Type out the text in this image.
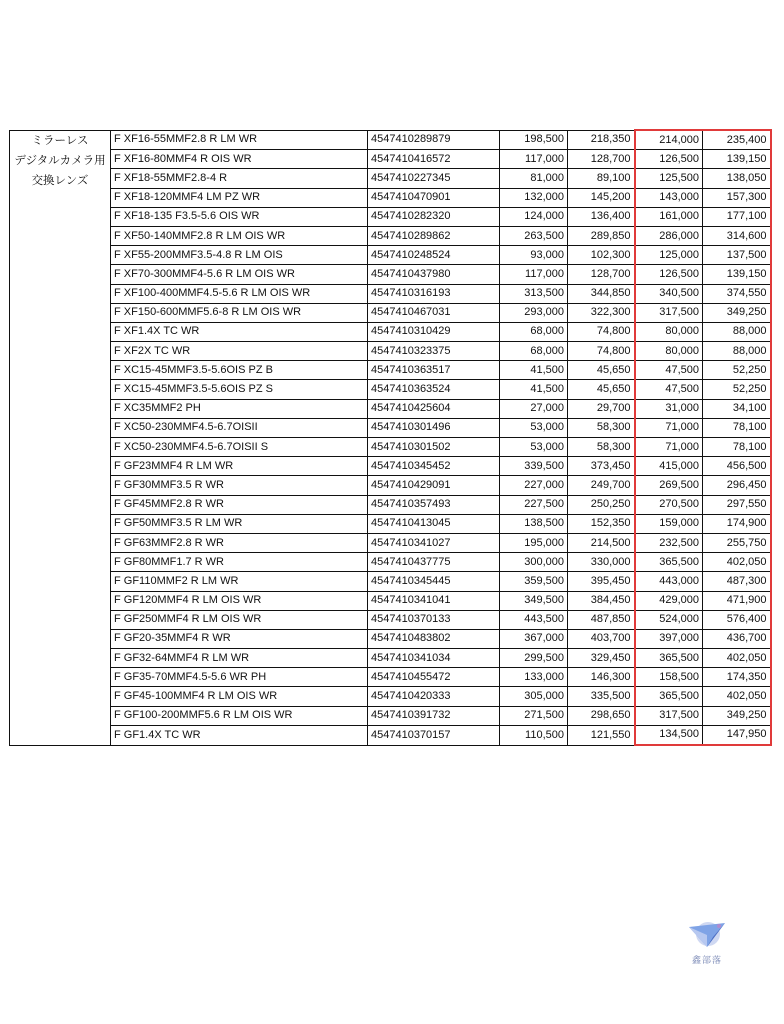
ミラーレス
デジタルカメラ用
交換レンズ	F XF16-55MMF2.8 R LM WR	4547410289879	198,500	218,350	214,000	235,400
	F XF16-80MMF4 R OIS WR	4547410416572	117,000	128,700	126,500	139,150
	F XF18-55MMF2.8-4 R	4547410227345	81,000	89,100	125,500	138,050
	F XF18-120MMF4 LM PZ WR	4547410470901	132,000	145,200	143,000	157,300
	F XF18-135 F3.5-5.6 OIS WR	4547410282320	124,000	136,400	161,000	177,100
	F XF50-140MMF2.8 R LM OIS WR	4547410289862	263,500	289,850	286,000	314,600
	F XF55-200MMF3.5-4.8 R LM OIS	4547410248524	93,000	102,300	125,000	137,500
	F XF70-300MMF4-5.6 R LM OIS WR	4547410437980	117,000	128,700	126,500	139,150
	F XF100-400MMF4.5-5.6 R LM OIS WR	4547410316193	313,500	344,850	340,500	374,550
	F XF150-600MMF5.6-8 R LM OIS WR	4547410467031	293,000	322,300	317,500	349,250
	F XF1.4X TC WR	4547410310429	68,000	74,800	80,000	88,000
	F XF2X TC WR	4547410323375	68,000	74,800	80,000	88,000
	F XC15-45MMF3.5-5.6OIS PZ B	4547410363517	41,500	45,650	47,500	52,250
	F XC15-45MMF3.5-5.6OIS PZ S	4547410363524	41,500	45,650	47,500	52,250
	F XC35MMF2 PH	4547410425604	27,000	29,700	31,000	34,100
	F XC50-230MMF4.5-6.7OISII	4547410301496	53,000	58,300	71,000	78,100
	F XC50-230MMF4.5-6.7OISII S	4547410301502	53,000	58,300	71,000	78,100
	F GF23MMF4 R LM WR	4547410345452	339,500	373,450	415,000	456,500
	F GF30MMF3.5 R WR	4547410429091	227,000	249,700	269,500	296,450
	F GF45MMF2.8 R WR	4547410357493	227,500	250,250	270,500	297,550
	F GF50MMF3.5 R LM WR	4547410413045	138,500	152,350	159,000	174,900
	F GF63MMF2.8 R WR	4547410341027	195,000	214,500	232,500	255,750
	F GF80MMF1.7 R WR	4547410437775	300,000	330,000	365,500	402,050
	F GF110MMF2 R LM WR	4547410345445	359,500	395,450	443,000	487,300
	F GF120MMF4 R LM OIS WR	4547410341041	349,500	384,450	429,000	471,900
	F GF250MMF4 R LM OIS WR	4547410370133	443,500	487,850	524,000	576,400
	F GF20-35MMF4 R WR	4547410483802	367,000	403,700	397,000	436,700
	F GF32-64MMF4 R LM WR	4547410341034	299,500	329,450	365,500	402,050
	F GF35-70MMF4.5-5.6 WR PH	4547410455472	133,000	146,300	158,500	174,350
	F GF45-100MMF4 R LM OIS WR	4547410420333	305,000	335,500	365,500	402,050
	F GF100-200MMF5.6 R LM OIS WR	4547410391732	271,500	298,650	317,500	349,250
	F GF1.4X TC WR	4547410370157	110,500	121,550	134,500	147,950
鑫部落
